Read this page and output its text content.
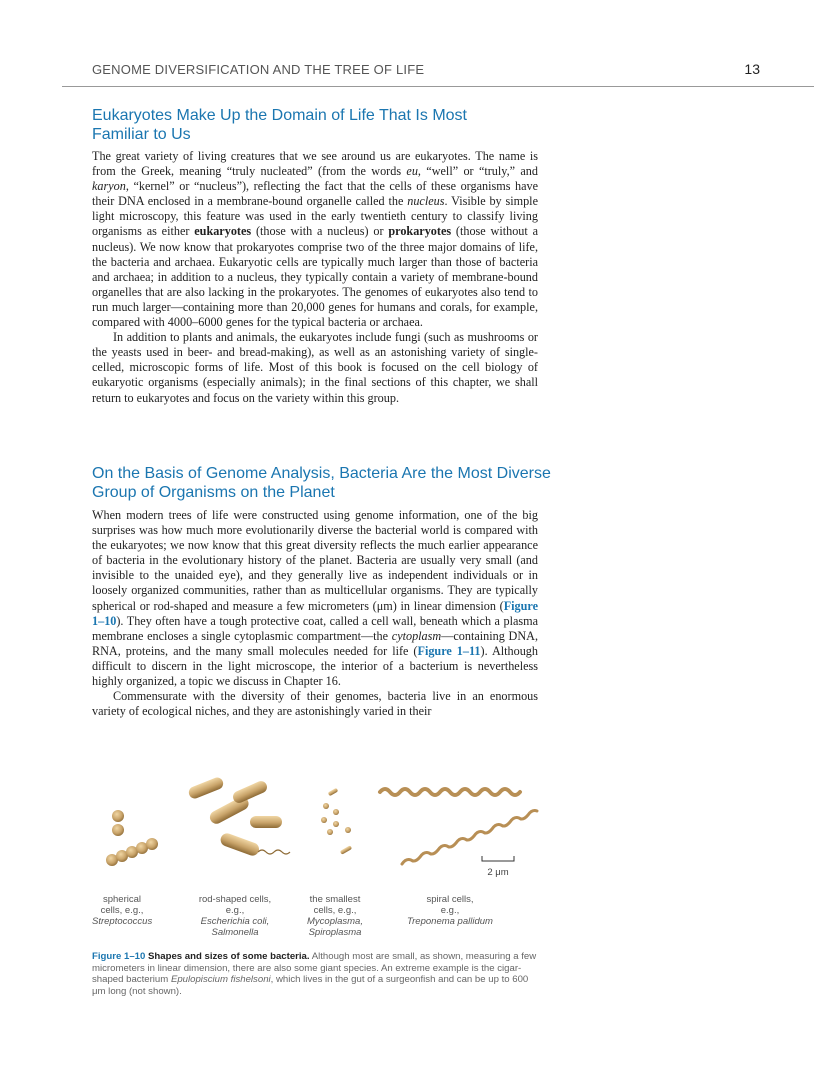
GENOME DIVERSIFICATION AND THE TREE OF LIFE	13
Eukaryotes Make Up the Domain of Life That Is Most
Familiar to Us

The great variety of living creatures that we see around us are eukaryotes. The name is from the Greek, meaning “truly nucleated” (from the words eu, “well” or “truly,” and karyon, “kernel” or “nucleus”), reflecting the fact that the cells of these organisms have their DNA enclosed in a membrane-bound organelle called the nucleus. Visible by simple light microscopy, this feature was used in the early twentieth century to classify living organisms as either eukaryotes (those with a nucleus) or prokaryotes (those without a nucleus). We now know that prokaryotes comprise two of the three major domains of life, the bacteria and archaea. Eukaryotic cells are typically much larger than those of bacteria and archaea; in addition to a nucleus, they typically contain a variety of membrane-bound organelles that are also lacking in the prokaryotes. The genomes of eukaryotes also tend to run much larger—containing more than 20,000 genes for humans and corals, for example, compared with 4000–6000 genes for the typical bacteria or archaea.

In addition to plants and animals, the eukaryotes include fungi (such as mushrooms or the yeasts used in beer- and bread-making), as well as an astonishing variety of single-celled, microscopic forms of life. Most of this book is focused on the cell biology of eukaryotic organisms (especially animals); in the final sections of this chapter, we shall return to eukaryotes and focus on the variety within this group.

On the Basis of Genome Analysis, Bacteria Are the Most Diverse
Group of Organisms on the Planet

When modern trees of life were constructed using genome information, one of the big surprises was how much more evolutionarily diverse the bacterial world is compared with the eukaryotes; we now know that this great diversity reflects the much earlier appearance of bacteria in the evolutionary history of the planet. Bacteria are usually very small (and invisible to the unaided eye), and they generally live as independent individuals or in loosely organized communities, rather than as multicellular organisms. They are typically spherical or rod-shaped and measure a few micrometers (μm) in linear dimension (Figure 1–10). They often have a tough protective coat, called a cell wall, beneath which a plasma membrane encloses a single cytoplasmic compartment—the cytoplasm—containing DNA, RNA, proteins, and the many small molecules needed for life (Figure 1–11). Although difficult to discern in the light microscope, the interior of a bacterium is nevertheless highly organized, a topic we discuss in Chapter 16.

Commensurate with the diversity of their genomes, bacteria live in an enormous variety of ecological niches, and they are astonishingly varied in their

2 μm
spherical
cells, e.g.,
Streptococcus
rod-shaped cells,
e.g.,
Escherichia coli,
Salmonella
the smallest
cells, e.g.,
Mycoplasma,
Spiroplasma
spiral cells,
e.g.,
Treponema pallidum
Figure 1–10 Shapes and sizes of some bacteria. Although most are small, as shown, measuring a few micrometers in linear dimension, there are also some giant species. An extreme example is the cigar-shaped bacterium Epulopiscium fishelsoni, which lives in the gut of a surgeonfish and can be up to 600 μm long (not shown).
